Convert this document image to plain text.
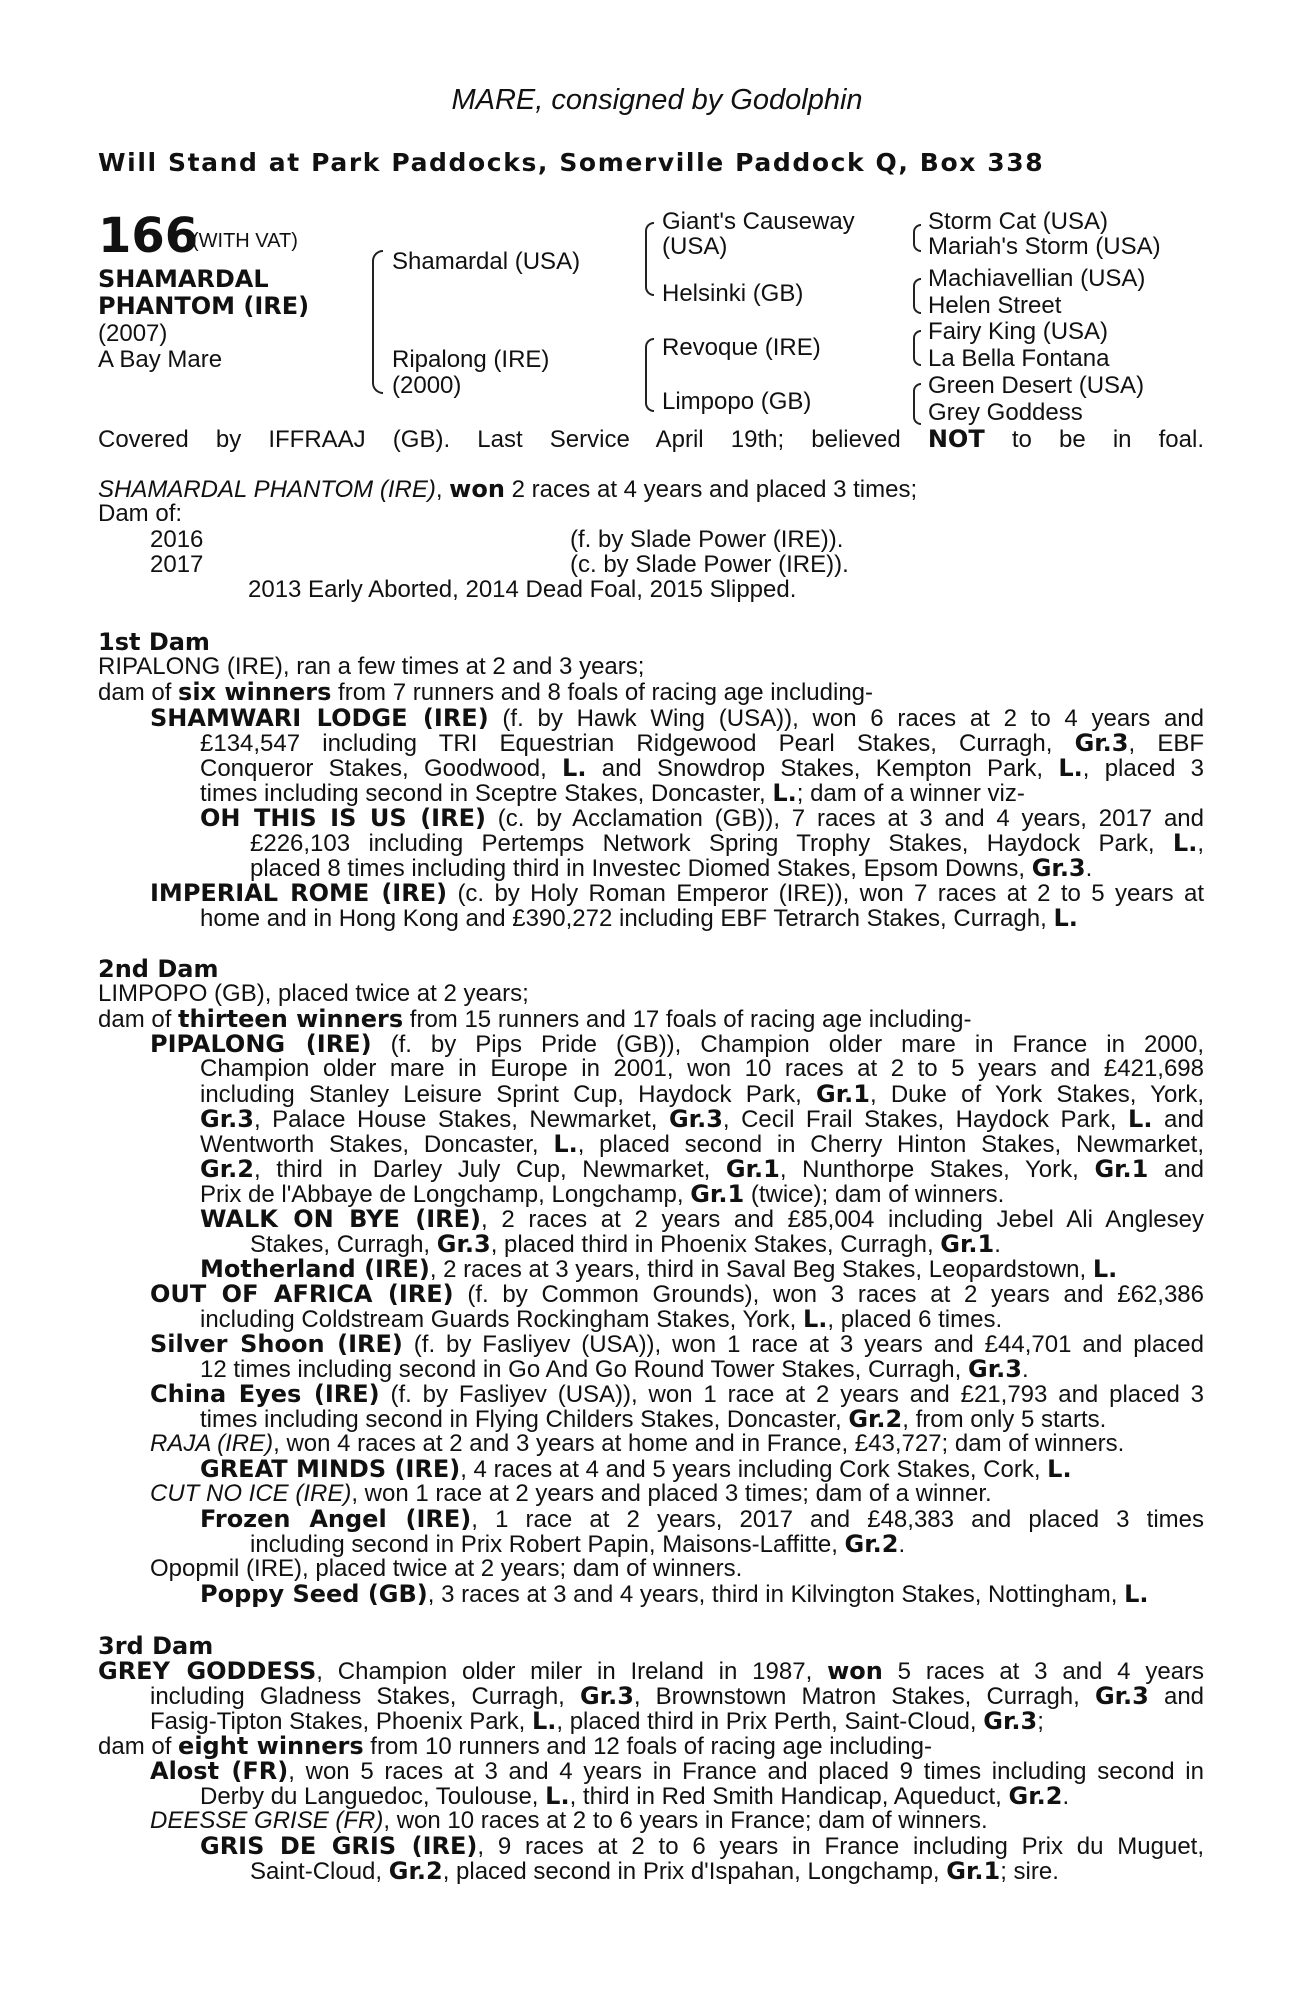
MARE, consigned by Godolphin
Will Stand at Park Paddocks, Somerville Paddock Q, Box 338
166
(WITH VAT)
SHAMARDAL
PHANTOM (IRE)
(2007)
A Bay Mare
Shamardal (USA)
Ripalong (IRE)
(2000)
Giant's Causeway
(USA)
Helsinki (GB)
Revoque (IRE)
Limpopo (GB)
Storm Cat (USA)
Mariah's Storm (USA)
Machiavellian (USA)
Helen Street
Fairy King (USA)
La Bella Fontana
Green Desert (USA)
Grey Goddess
Covered by IFFRAAJ (GB). Last Service April 19th; believed NOT to be in foal.
SHAMARDAL PHANTOM (IRE), won 2 races at 4 years and placed 3 times;
Dam of:
2016	(f. by Slade Power (IRE)).
2017	(c. by Slade Power (IRE)).
2013 Early Aborted, 2014 Dead Foal, 2015 Slipped.
1st Dam
RIPALONG (IRE), ran a few times at 2 and 3 years;
dam of six winners from 7 runners and 8 foals of racing age including-
SHAMWARI LODGE (IRE) (f. by Hawk Wing (USA)), won 6 races at 2 to 4 years and
£134,547 including TRI Equestrian Ridgewood Pearl Stakes, Curragh, Gr.3, EBF
Conqueror Stakes, Goodwood, L. and Snowdrop Stakes, Kempton Park, L., placed 3
times including second in Sceptre Stakes, Doncaster, L.; dam of a winner viz-
OH THIS IS US (IRE) (c. by Acclamation (GB)), 7 races at 3 and 4 years, 2017 and
£226,103 including Pertemps Network Spring Trophy Stakes, Haydock Park, L.,
placed 8 times including third in Investec Diomed Stakes, Epsom Downs, Gr.3.
IMPERIAL ROME (IRE) (c. by Holy Roman Emperor (IRE)), won 7 races at 2 to 5 years at
home and in Hong Kong and £390,272 including EBF Tetrarch Stakes, Curragh, L.
2nd Dam
LIMPOPO (GB), placed twice at 2 years;
dam of thirteen winners from 15 runners and 17 foals of racing age including-
PIPALONG (IRE) (f. by Pips Pride (GB)), Champion older mare in France in 2000,
Champion older mare in Europe in 2001, won 10 races at 2 to 5 years and £421,698
including Stanley Leisure Sprint Cup, Haydock Park, Gr.1, Duke of York Stakes, York,
Gr.3, Palace House Stakes, Newmarket, Gr.3, Cecil Frail Stakes, Haydock Park, L. and
Wentworth Stakes, Doncaster, L., placed second in Cherry Hinton Stakes, Newmarket,
Gr.2, third in Darley July Cup, Newmarket, Gr.1, Nunthorpe Stakes, York, Gr.1 and
Prix de l'Abbaye de Longchamp, Longchamp, Gr.1 (twice); dam of winners.
WALK ON BYE (IRE), 2 races at 2 years and £85,004 including Jebel Ali Anglesey
Stakes, Curragh, Gr.3, placed third in Phoenix Stakes, Curragh, Gr.1.
Motherland (IRE), 2 races at 3 years, third in Saval Beg Stakes, Leopardstown, L.
OUT OF AFRICA (IRE) (f. by Common Grounds), won 3 races at 2 years and £62,386
including Coldstream Guards Rockingham Stakes, York, L., placed 6 times.
Silver Shoon (IRE) (f. by Fasliyev (USA)), won 1 race at 3 years and £44,701 and placed
12 times including second in Go And Go Round Tower Stakes, Curragh, Gr.3.
China Eyes (IRE) (f. by Fasliyev (USA)), won 1 race at 2 years and £21,793 and placed 3
times including second in Flying Childers Stakes, Doncaster, Gr.2, from only 5 starts.
RAJA (IRE), won 4 races at 2 and 3 years at home and in France, £43,727; dam of winners.
GREAT MINDS (IRE), 4 races at 4 and 5 years including Cork Stakes, Cork, L.
CUT NO ICE (IRE), won 1 race at 2 years and placed 3 times; dam of a winner.
Frozen Angel (IRE), 1 race at 2 years, 2017 and £48,383 and placed 3 times
including second in Prix Robert Papin, Maisons-Laffitte, Gr.2.
Opopmil (IRE), placed twice at 2 years; dam of winners.
Poppy Seed (GB), 3 races at 3 and 4 years, third in Kilvington Stakes, Nottingham, L.
3rd Dam
GREY GODDESS, Champion older miler in Ireland in 1987, won 5 races at 3 and 4 years
including Gladness Stakes, Curragh, Gr.3, Brownstown Matron Stakes, Curragh, Gr.3 and
Fasig-Tipton Stakes, Phoenix Park, L., placed third in Prix Perth, Saint-Cloud, Gr.3;
dam of eight winners from 10 runners and 12 foals of racing age including-
Alost (FR), won 5 races at 3 and 4 years in France and placed 9 times including second in
Derby du Languedoc, Toulouse, L., third in Red Smith Handicap, Aqueduct, Gr.2.
DEESSE GRISE (FR), won 10 races at 2 to 6 years in France; dam of winners.
GRIS DE GRIS (IRE), 9 races at 2 to 6 years in France including Prix du Muguet,
Saint-Cloud, Gr.2, placed second in Prix d'Ispahan, Longchamp, Gr.1; sire.
